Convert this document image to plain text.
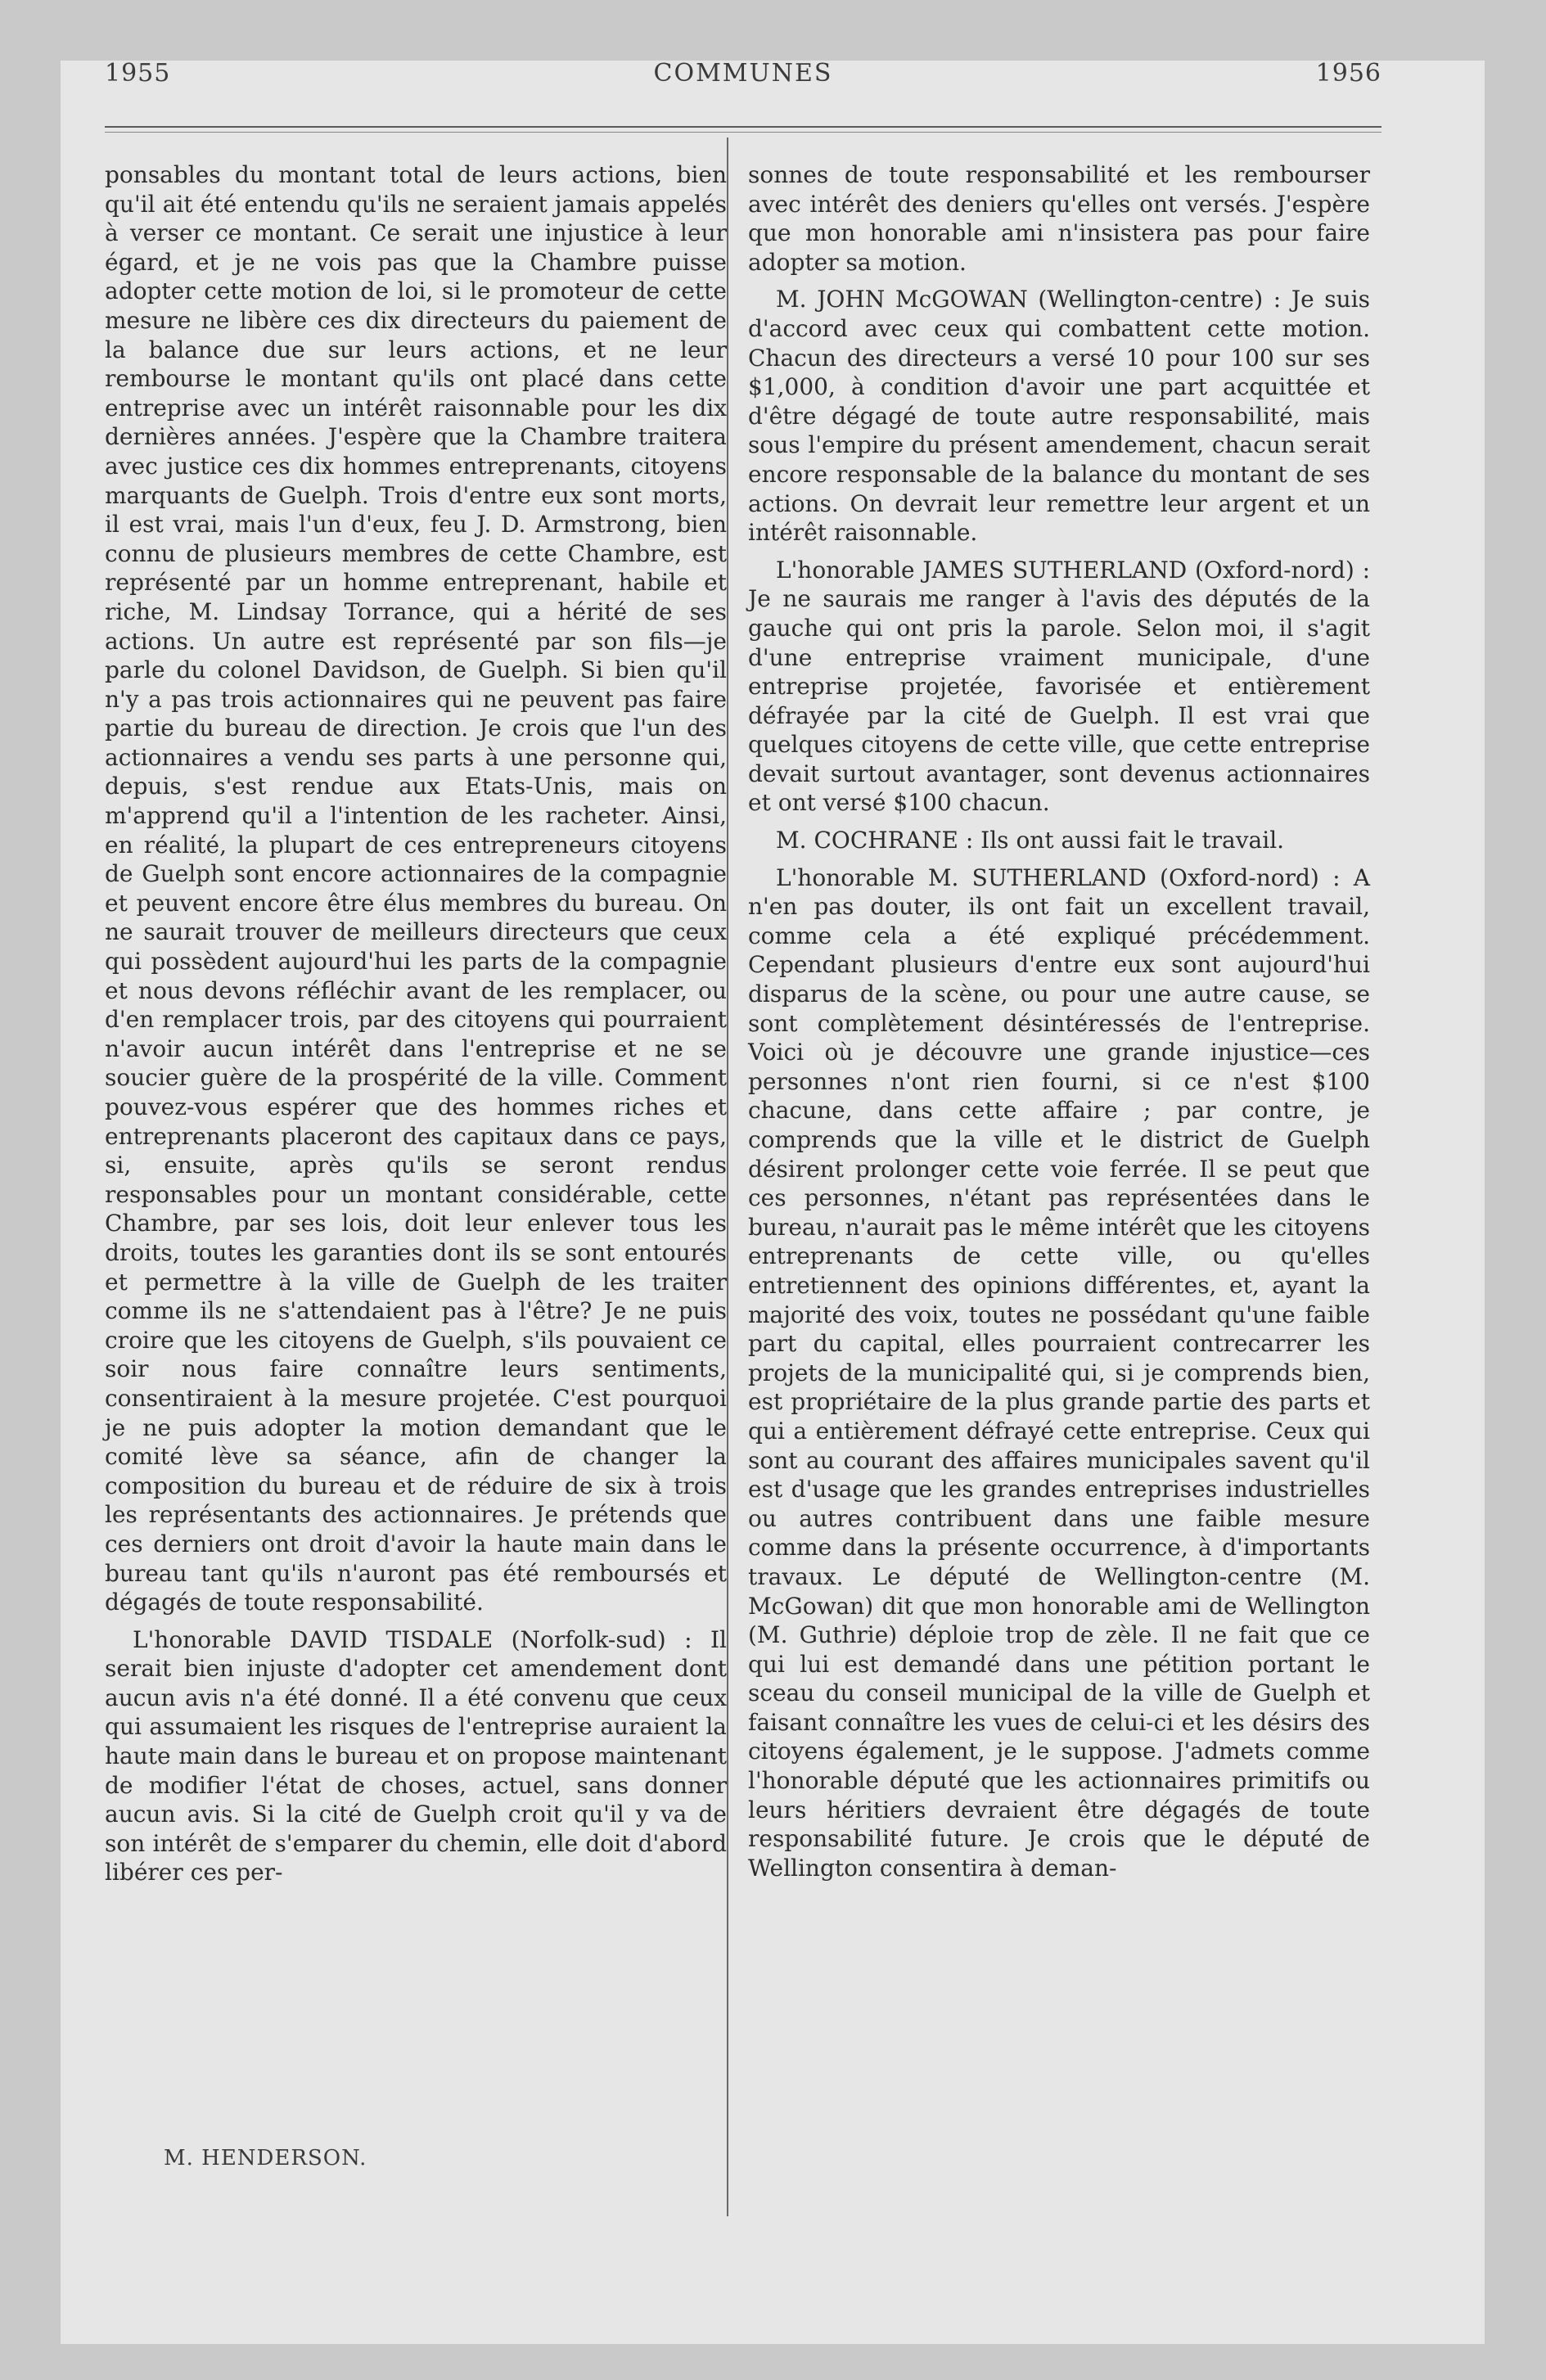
1955	COMMUNES	1956

ponsables du montant total de leurs actions, bien qu'il ait été entendu qu'ils ne seraient jamais appelés à verser ce montant. Ce serait une injustice à leur égard, et je ne vois pas que la Chambre puisse adopter cette motion de loi, si le promoteur de cette mesure ne libère ces dix directeurs du paiement de la balance due sur leurs actions, et ne leur rembourse le montant qu'ils ont placé dans cette entreprise avec un intérêt raisonnable pour les dix dernières années. J'espère que la Chambre traitera avec justice ces dix hommes entreprenants, citoyens marquants de Guelph. Trois d'entre eux sont morts, il est vrai, mais l'un d'eux, feu J. D. Armstrong, bien connu de plusieurs membres de cette Chambre, est représenté par un homme entreprenant, habile et riche, M. Lindsay Torrance, qui a hérité de ses actions. Un autre est représenté par son fils—je parle du colonel Davidson, de Guelph. Si bien qu'il n'y a pas trois actionnaires qui ne peuvent pas faire partie du bureau de direction. Je crois que l'un des actionnaires a vendu ses parts à une personne qui, depuis, s'est rendue aux Etats-Unis, mais on m'apprend qu'il a l'intention de les racheter. Ainsi, en réalité, la plupart de ces entrepreneurs citoyens de Guelph sont encore actionnaires de la compagnie et peuvent encore être élus membres du bureau. On ne saurait trouver de meilleurs directeurs que ceux qui possèdent aujourd'hui les parts de la compagnie et nous devons réfléchir avant de les remplacer, ou d'en remplacer trois, par des citoyens qui pourraient n'avoir aucun intérêt dans l'entreprise et ne se soucier guère de la prospérité de la ville. Comment pouvez-vous espérer que des hommes riches et entreprenants placeront des capitaux dans ce pays, si, ensuite, après qu'ils se seront rendus responsables pour un montant considérable, cette Chambre, par ses lois, doit leur enlever tous les droits, toutes les garanties dont ils se sont entourés et permettre à la ville de Guelph de les traiter comme ils ne s'attendaient pas à l'être? Je ne puis croire que les citoyens de Guelph, s'ils pouvaient ce soir nous faire connaître leurs sentiments, consentiraient à la mesure projetée. C'est pourquoi je ne puis adopter la motion demandant que le comité lève sa séance, afin de changer la composition du bureau et de réduire de six à trois les représentants des actionnaires. Je prétends que ces derniers ont droit d'avoir la haute main dans le bureau tant qu'ils n'auront pas été remboursés et dégagés de toute responsabilité.

L'honorable DAVID TISDALE (Norfolk-sud) : Il serait bien injuste d'adopter cet amendement dont aucun avis n'a été donné. Il a été convenu que ceux qui assumaient les risques de l'entreprise auraient la haute main dans le bureau et on propose maintenant de modifier l'état de choses, actuel, sans donner aucun avis. Si la cité de Guelph croit qu'il y va de son intérêt de s'emparer du chemin, elle doit d'abord libérer ces per-

sonnes de toute responsabilité et les rembourser avec intérêt des deniers qu'elles ont versés. J'espère que mon honorable ami n'insistera pas pour faire adopter sa motion.

M. JOHN McGOWAN (Wellington-centre) : Je suis d'accord avec ceux qui combattent cette motion. Chacun des directeurs a versé 10 pour 100 sur ses $1,000, à condition d'avoir une part acquittée et d'être dégagé de toute autre responsabilité, mais sous l'empire du présent amendement, chacun serait encore responsable de la balance du montant de ses actions. On devrait leur remettre leur argent et un intérêt raisonnable.

L'honorable JAMES SUTHERLAND (Oxford-nord) : Je ne saurais me ranger à l'avis des députés de la gauche qui ont pris la parole. Selon moi, il s'agit d'une entreprise vraiment municipale, d'une entreprise projetée, favorisée et entièrement défrayée par la cité de Guelph. Il est vrai que quelques citoyens de cette ville, que cette entreprise devait surtout avantager, sont devenus actionnaires et ont versé $100 chacun.

M. COCHRANE : Ils ont aussi fait le travail.

L'honorable M. SUTHERLAND (Oxford-nord) : A n'en pas douter, ils ont fait un excellent travail, comme cela a été expliqué précédemment. Cependant plusieurs d'entre eux sont aujourd'hui disparus de la scène, ou pour une autre cause, se sont complètement désintéressés de l'entreprise. Voici où je découvre une grande injustice—ces personnes n'ont rien fourni, si ce n'est $100 chacune, dans cette affaire ; par contre, je comprends que la ville et le district de Guelph désirent prolonger cette voie ferrée. Il se peut que ces personnes, n'étant pas représentées dans le bureau, n'aurait pas le même intérêt que les citoyens entreprenants de cette ville, ou qu'elles entretiennent des opinions différentes, et, ayant la majorité des voix, toutes ne possédant qu'une faible part du capital, elles pourraient contrecarrer les projets de la municipalité qui, si je comprends bien, est propriétaire de la plus grande partie des parts et qui a entièrement défrayé cette entreprise. Ceux qui sont au courant des affaires municipales savent qu'il est d'usage que les grandes entreprises industrielles ou autres contribuent dans une faible mesure comme dans la présente occurrence, à d'importants travaux. Le député de Wellington-centre (M. McGowan) dit que mon honorable ami de Wellington (M. Guthrie) déploie trop de zèle. Il ne fait que ce qui lui est demandé dans une pétition portant le sceau du conseil municipal de la ville de Guelph et faisant connaître les vues de celui-ci et les désirs des citoyens également, je le suppose. J'admets comme l'honorable député que les actionnaires primitifs ou leurs héritiers devraient être dégagés de toute responsabilité future. Je crois que le député de Wellington consentira à deman-

M. HENDERSON.
